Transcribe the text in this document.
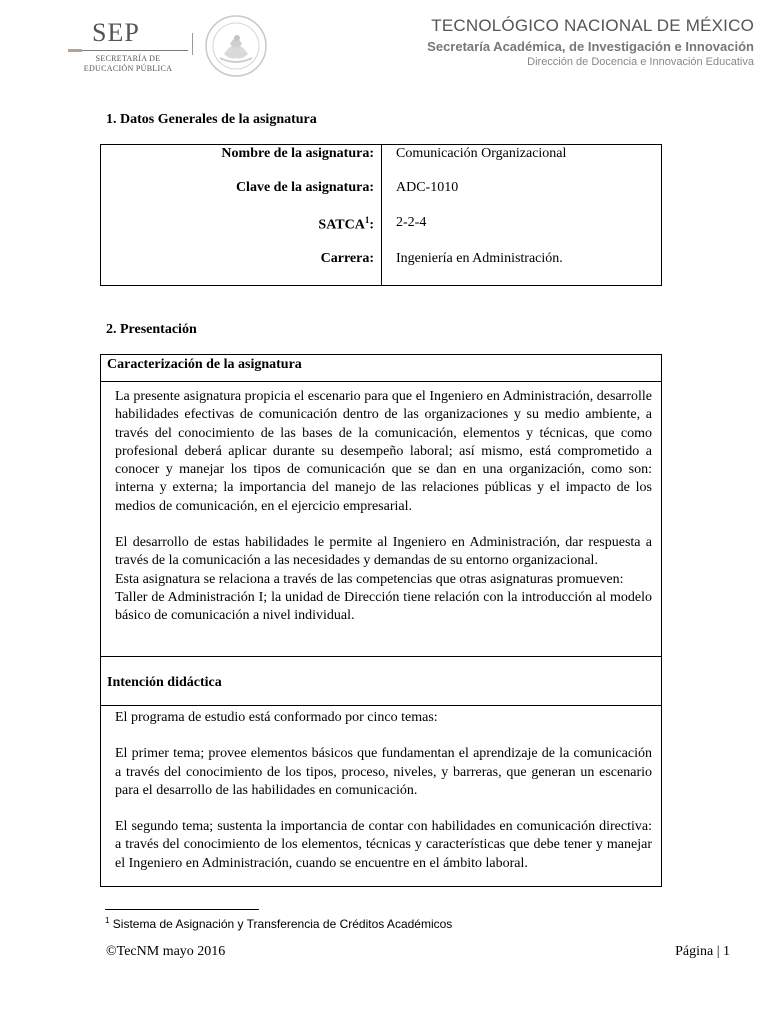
SEP
SECRETARÍA DE
EDUCACIÓN PÚBLICA
TECNOLÓGICO NACIONAL DE MÉXICO
Secretaría Académica, de Investigación e Innovación
Dirección de Docencia e Innovación Educativa
1. Datos Generales de la asignatura
Nombre de la asignatura: Comunicación Organizacional
Clave de la asignatura: ADC-1010
SATCA$^1$: 2-2-4
Carrera: Ingeniería en Administración.
2. Presentación
Caracterización de la asignatura

La presente asignatura propicia el escenario para que el Ingeniero en Administración, desarrolle habilidades efectivas de comunicación dentro de las organizaciones y su medio ambiente, a través del conocimiento de las bases de la comunicación, elementos y técnicas, que como profesional deberá aplicar durante su desempeño laboral; así mismo, está comprometido a conocer y manejar los tipos de comunicación que se dan en una organización, como son: interna y externa; la importancia del manejo de las relaciones públicas y el impacto de los medios de comunicación, en el ejercicio empresarial.

El desarrollo de estas habilidades le permite al Ingeniero en Administración, dar respuesta a través de la comunicación a las necesidades y demandas de su entorno organizacional.

Esta asignatura se relaciona a través de las competencias que otras asignaturas promueven:

Taller de Administración I; la unidad de Dirección tiene relación con la introducción al modelo básico de comunicación a nivel individual.

Intención didáctica

El programa de estudio está conformado por cinco temas:

El primer tema; provee elementos básicos que fundamentan el aprendizaje de la comunicación a través del conocimiento de los tipos, proceso, niveles, y barreras, que generan un escenario para el desarrollo de las habilidades en comunicación.

El segundo tema; sustenta la importancia de contar con habilidades en comunicación directiva: a través del conocimiento de los elementos, técnicas y características que debe tener y manejar el Ingeniero en Administración, cuando se encuentre en el ámbito laboral.

$^1$ Sistema de Asignación y Transferencia de Créditos Académicos
©TecNM mayo 2016	Página | 1
